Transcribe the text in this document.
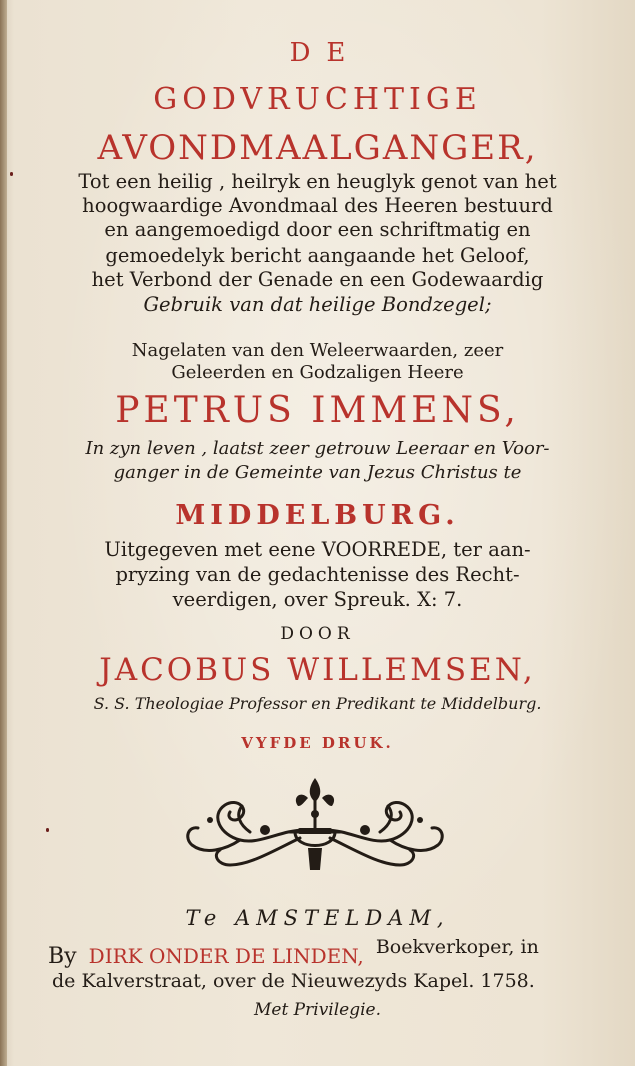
DE
GODVRUCHTIGE
AVONDMAALGANGER,
Tot een heilig , heilryk en heuglyk genot van het
hoogwaardige Avondmaal des Heeren bestuurd
en aangemoedigd door een schriftmatig en
gemoedelyk bericht aangaande het Geloof,
het Verbond der Genade en een Godewaardig
Gebruik van dat heilige Bondzegel;
Nagelaten van den Weleerwaarden, zeer
Geleerden en Godzaligen Heere
PETRUS IMMENS,
In zyn leven , laatst zeer getrouw Leeraar en Voor-
ganger in de Gemeinte van Jezus Christus te
MIDDELBURG.
Uitgegeven met eene VOORREDE, ter aan-
pryzing van de gedachtenisse des Recht-
veerdigen, over Spreuk. X: 7.
DOOR
JACOBUS WILLEMSEN,
S. S. Theologiae Professor en Predikant te Middelburg.
VYFDE DRUK.
Te AMSTELDAM,
By DIRK ONDER DE LINDEN, Boekverkoper, in
de Kalverstraat, over de Nieuwezyds Kapel. 1758.
Met Privilegie.
